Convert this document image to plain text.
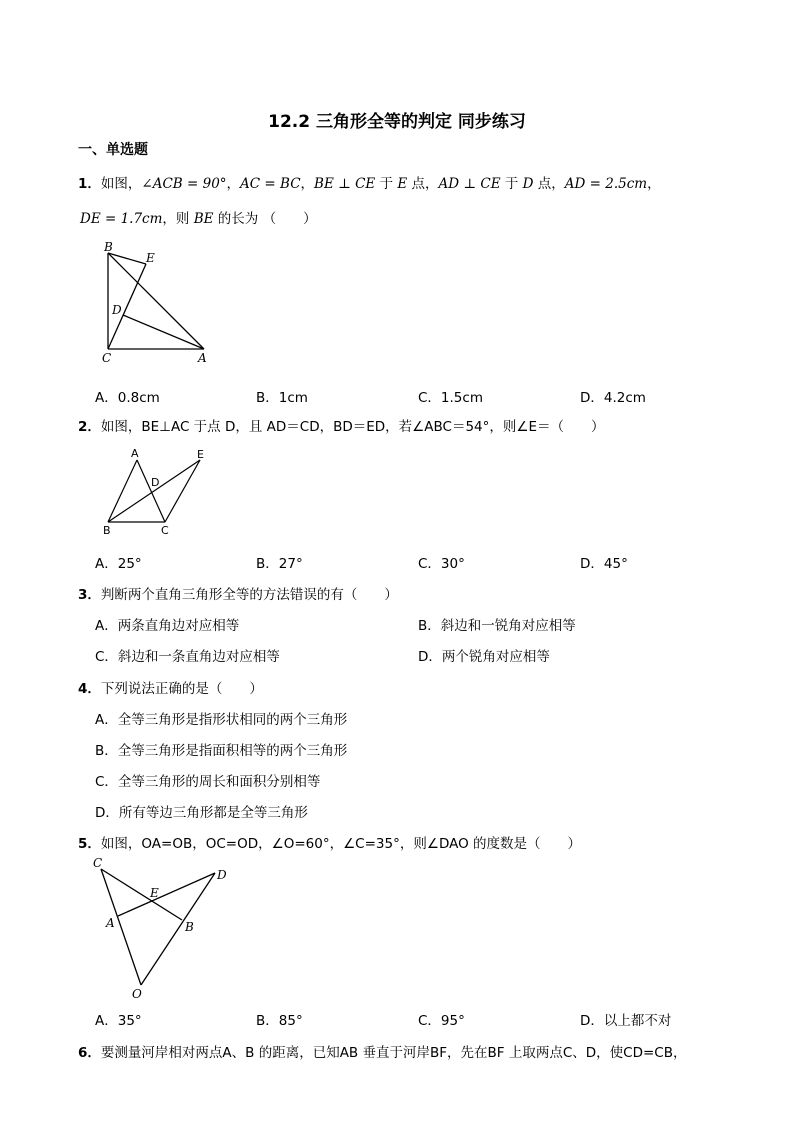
12.2 三角形全等的判定 同步练习
一、单选题
1．如图，∠ACB = 90°，AC = BC，BE ⊥ CE 于 E 点，AD ⊥ CE 于 D 点，AD = 2.5cm，
DE = 1.7cm，则 BE 的长为 （　　）
B
E
D
C	A
A．0.8cm	B．1cm	C．1.5cm	D．4.2cm
2．如图，BE⊥AC 于点 D，且 AD＝CD，BD＝ED，若∠ABC＝54°，则∠E＝（　　）
A	E
D
B	C
A．25°	B．27°	C．30°	D．45°
3．判断两个直角三角形全等的方法错误的有（　　）
A．两条直角边对应相等	B．斜边和一锐角对应相等
C．斜边和一条直角边对应相等	D．两个锐角对应相等
4．下列说法正确的是（　　）
A．全等三角形是指形状相同的两个三角形
B．全等三角形是指面积相等的两个三角形
C．全等三角形的周长和面积分别相等
D．所有等边三角形都是全等三角形
5．如图，OA=OB，OC=OD，∠O=60°，∠C=35°，则∠DAO 的度数是（　　）
C
D
E
A	B
O
A．35°	B．85°	C．95°	D．以上都不对
6．要测量河岸相对两点A、B 的距离，已知AB 垂直于河岸BF，先在BF 上取两点C、D，使CD=CB，
